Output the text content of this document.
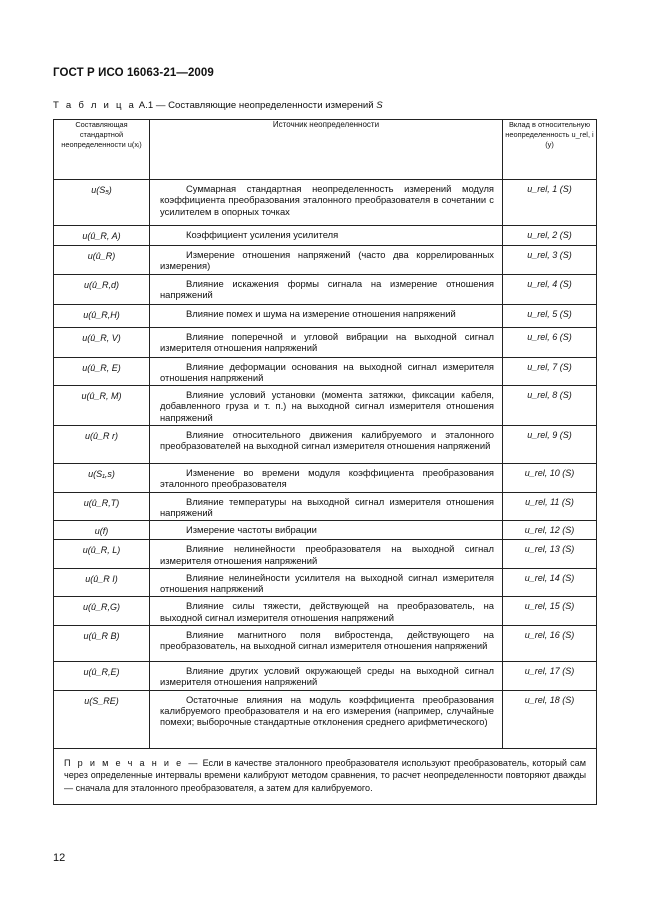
ГОСТ Р ИСО 16063-21—2009
Т а б л и ц а А.1 — Составляющие неопределенности измерений S
Составляющая стандартной неопределенности u(xᵢ)	Источник неопределенности	Вклад в относительную неопределенность u_rel, i (y)
u(S₅)	Суммарная стандартная неопределенность измерений модуля коэффициента преобразования эталонного преобразователя в сочетании с усилителем в опорных точках	u_rel, 1 (S)
u(û_R, A)	Коэффициент усиления усилителя	u_rel, 2 (S)
u(û_R)	Измерение отношения напряжений (часто два коррелированных измерения)	u_rel, 3 (S)
u(û_R,d)	Влияние искажения формы сигнала на измерение отношения напряжений	u_rel, 4 (S)
u(û_R,H)	Влияние помех и шума на измерение отношения напряжений	u_rel, 5 (S)
u(û_R, V)	Влияние поперечной и угловой вибрации на выходной сигнал измерителя отношения напряжений	u_rel, 6 (S)
u(û_R, E)	Влияние деформации основания на выходной сигнал измерителя отношения напряжений	u_rel, 7 (S)
u(û_R, M)	Влияние условий установки (момента затяжки, фиксации кабеля, добавленного груза и т. п.) на выходной сигнал измерителя отношения напряжений	u_rel, 8 (S)
u(û_R r)	Влияние относительного движения калибруемого и эталонного преобразователей на выходной сигнал измерителя отношения напряжений	u_rel, 9 (S)
u(S₁,s)	Изменение во времени модуля коэффициента преобразования эталонного преобразователя	u_rel, 10 (S)
u(û_R,T)	Влияние температуры на выходной сигнал измерителя отношения напряжений	u_rel, 11 (S)
u(f)	Измерение частоты вибрации	u_rel, 12 (S)
u(û_R, L)	Влияние нелинейности преобразователя на выходной сигнал измерителя отношения напряжений	u_rel, 13 (S)
u(û_R I)	Влияние нелинейности усилителя на выходной сигнал измерителя отношения напряжений	u_rel, 14 (S)
u(û_R,G)	Влияние силы тяжести, действующей на преобразователь, на выходной сигнал измерителя отношения напряжений	u_rel, 15 (S)
u(û_R B)	Влияние магнитного поля вибростенда, действующего на преобразователь, на выходной сигнал измерителя отношения напряжений	u_rel, 16 (S)
u(û_R,E)	Влияние других условий окружающей среды на выходной сигнал измерителя отношения напряжений	u_rel, 17 (S)
u(S_RE)	Остаточные влияния на модуль коэффициента преобразования калибруемого преобразователя и на его измерения (например, случайные помехи; выборочные стандартные отклонения среднего арифметического)	u_rel, 18 (S)
П р и м е ч а н и е — Если в качестве эталонного преобразователя используют преобразователь, который сам через определенные интервалы времени калибруют методом сравнения, то расчет неопределенности повторяют дважды — сначала для эталонного преобразователя, а затем для калибруемого.		
12
